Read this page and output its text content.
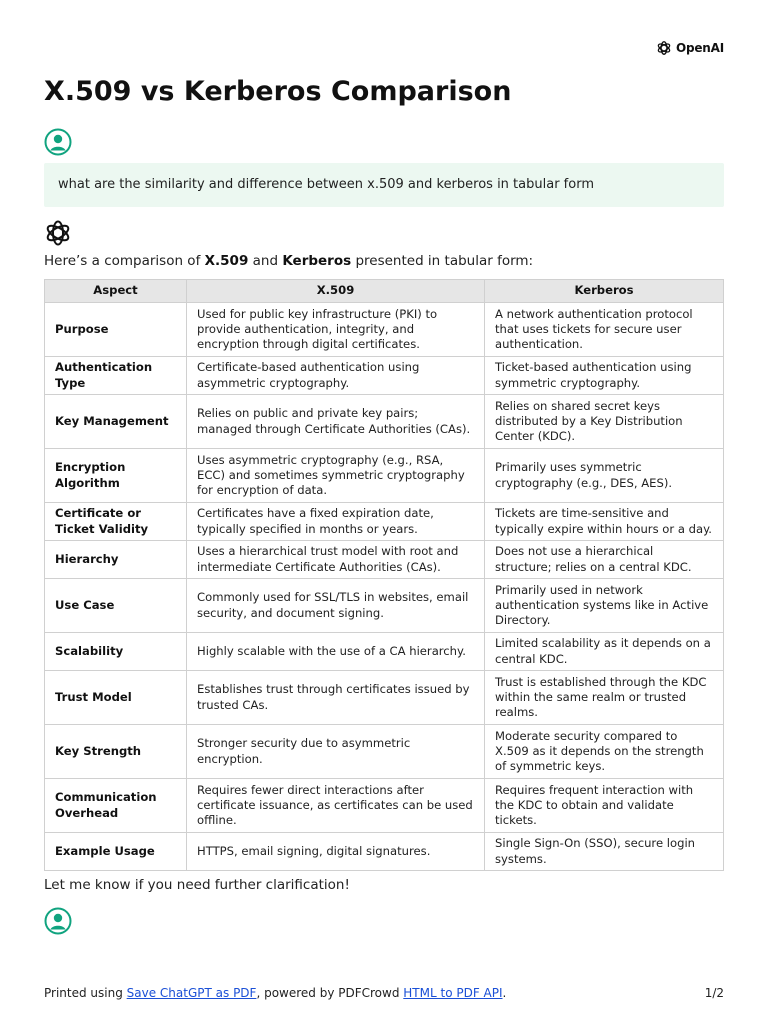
OpenAI
X.509 vs Kerberos Comparison
what are the similarity and difference between x.509 and kerberos in tabular form
Here’s a comparison of X.509 and Kerberos presented in tabular form:
Aspect	X.509	Kerberos
Purpose	Used for public key infrastructure (PKI) to provide authentication, integrity, and encryption through digital certificates.	A network authentication protocol that uses tickets for secure user authentication.
Authentication Type	Certificate-based authentication using asymmetric cryptography.	Ticket-based authentication using symmetric cryptography.
Key Management	Relies on public and private key pairs; managed through Certificate Authorities (CAs).	Relies on shared secret keys distributed by a Key Distribution Center (KDC).
Encryption Algorithm	Uses asymmetric cryptography (e.g., RSA, ECC) and sometimes symmetric cryptography for encryption of data.	Primarily uses symmetric cryptography (e.g., DES, AES).
Certificate or Ticket Validity	Certificates have a fixed expiration date, typically specified in months or years.	Tickets are time-sensitive and typically expire within hours or a day.
Hierarchy	Uses a hierarchical trust model with root and intermediate Certificate Authorities (CAs).	Does not use a hierarchical structure; relies on a central KDC.
Use Case	Commonly used for SSL/TLS in websites, email security, and document signing.	Primarily used in network authentication systems like in Active Directory.
Scalability	Highly scalable with the use of a CA hierarchy.	Limited scalability as it depends on a central KDC.
Trust Model	Establishes trust through certificates issued by trusted CAs.	Trust is established through the KDC within the same realm or trusted realms.
Key Strength	Stronger security due to asymmetric encryption.	Moderate security compared to X.509 as it depends on the strength of symmetric keys.
Communication Overhead	Requires fewer direct interactions after certificate issuance, as certificates can be used offline.	Requires frequent interaction with the KDC to obtain and validate tickets.
Example Usage	HTTPS, email signing, digital signatures.	Single Sign-On (SSO), secure login systems.
Let me know if you need further clarification!
Printed using Save ChatGPT as PDF, powered by PDFCrowd HTML to PDF API.	1/2
